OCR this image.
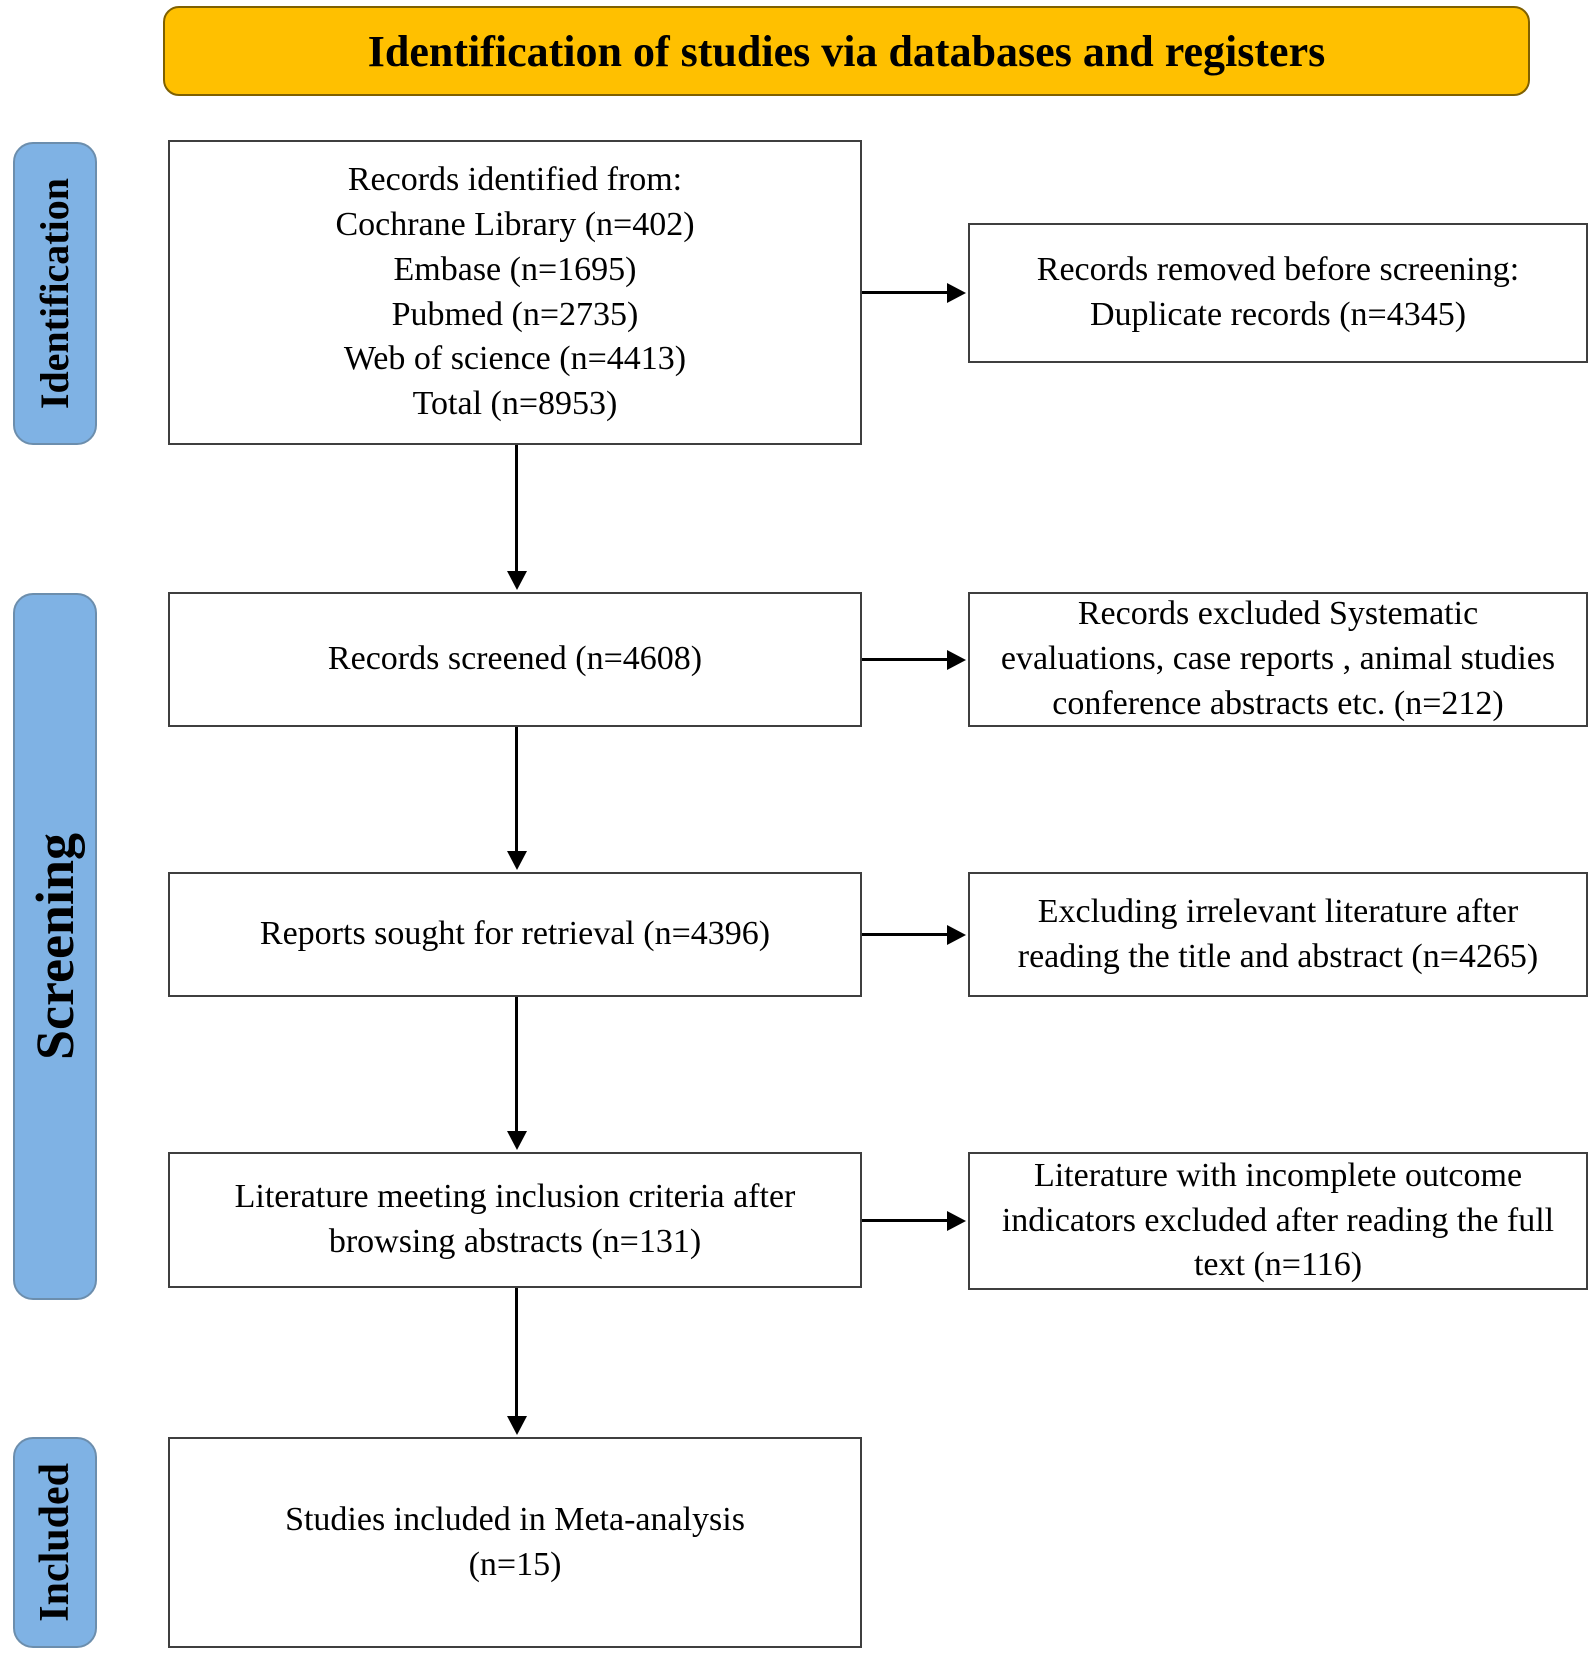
Identification of studies via databases and registers
Identification
Screening
Included
Records identified from:
Cochrane Library (n=402)
Embase (n=1695)
Pubmed (n=2735)
Web of science (n=4413)
Total (n=8953)
Records screened (n=4608)
Reports sought for retrieval (n=4396)
Literature meeting inclusion criteria after
browsing abstracts (n=131)
Studies included in Meta-analysis
(n=15)
Records removed before screening:
Duplicate records (n=4345)
Records excluded Systematic
evaluations, case reports , animal studies
conference abstracts etc. (n=212)
Excluding irrelevant literature after
reading the title and abstract (n=4265)
Literature with incomplete outcome
indicators excluded after reading the full
text (n=116)
